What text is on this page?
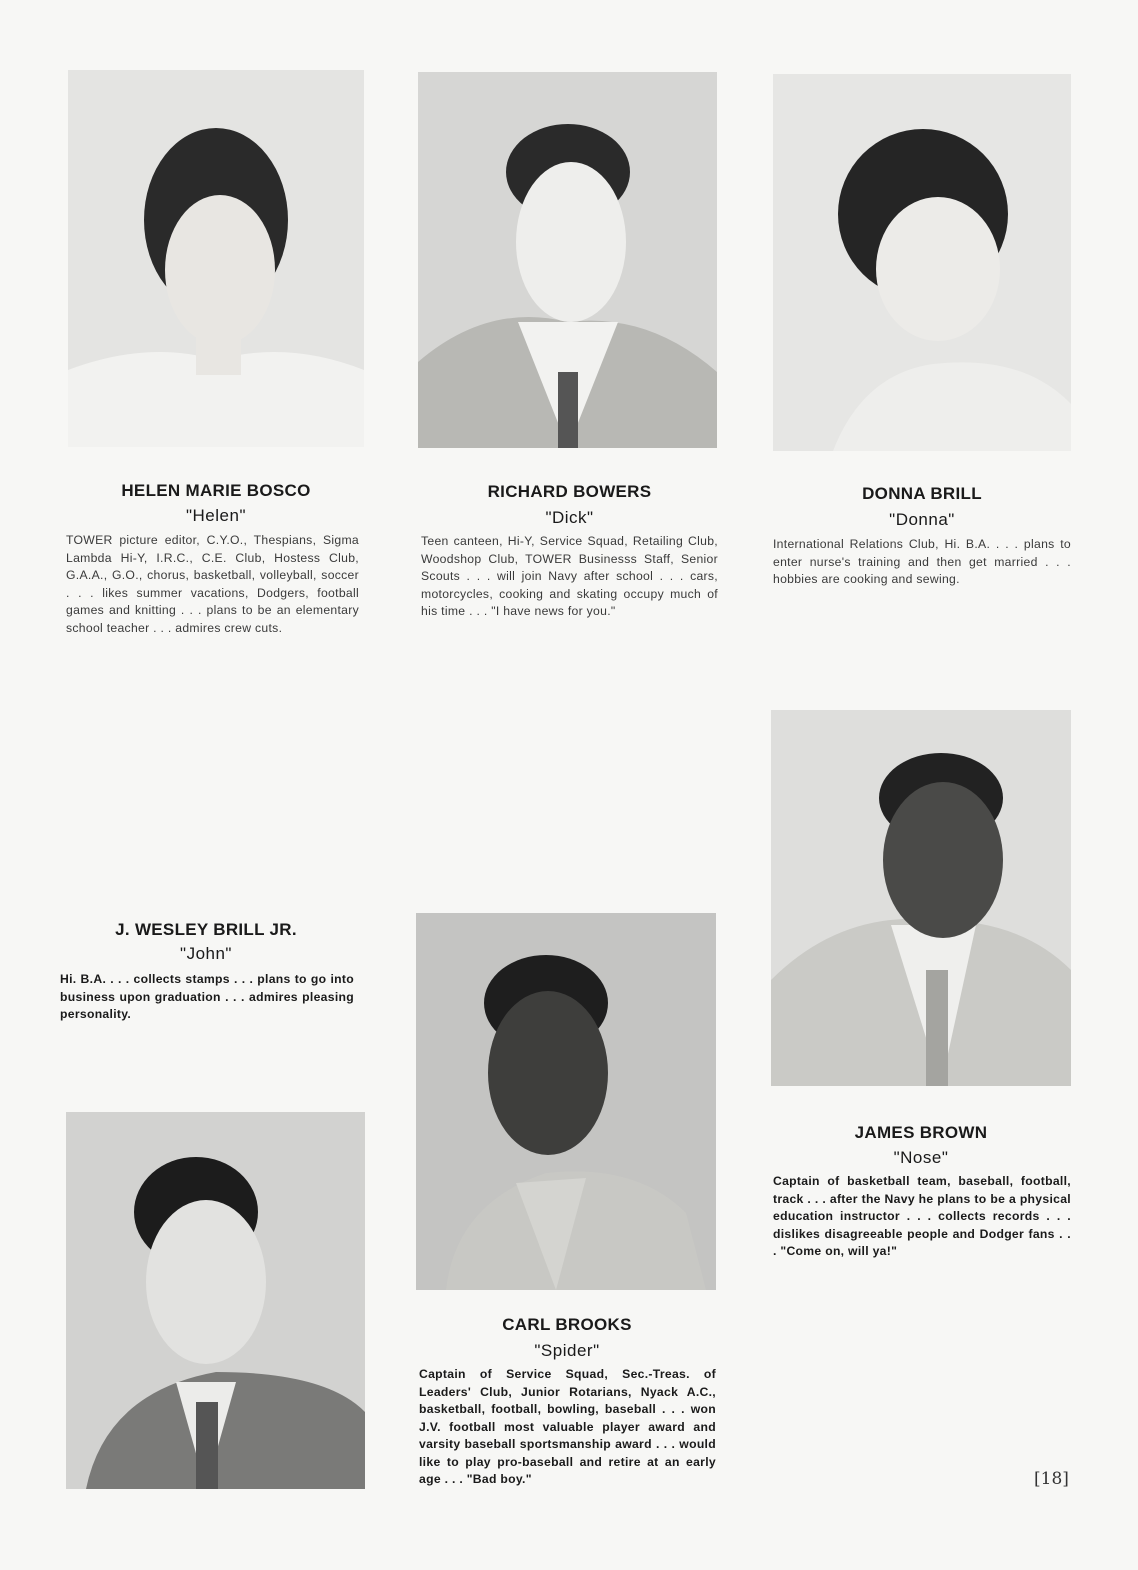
HELEN MARIE BOSCO
"Helen"
TOWER picture editor, C.Y.O., Thespians, Sigma Lambda Hi-Y, I.R.C., C.E. Club, Hostess Club, G.A.A., G.O., chorus, basketball, volleyball, soccer . . . likes summer vacations, Dodgers, football games and knitting . . . plans to be an elementary school teacher . . . admires crew cuts.
RICHARD BOWERS
"Dick"
Teen canteen, Hi-Y, Service Squad, Retailing Club, Woodshop Club, TOWER Businesss Staff, Senior Scouts . . . will join Navy after school . . . cars, motorcycles, cooking and skating occupy much of his time . . . "I have news for you."
DONNA BRILL
"Donna"
International Relations Club, Hi. B.A. . . . plans to enter nurse's training and then get married . . . hobbies are cooking and sewing.
J. WESLEY BRILL JR.
"John"
Hi. B.A. . . . collects stamps . . . plans to go into business upon graduation . . . admires pleasing personality.
JAMES BROWN
"Nose"
Captain of basketball team, baseball, football, track . . . after the Navy he plans to be a physical education instructor . . . collects records . . . dislikes disagreeable people and Dodger fans . . . "Come on, will ya!"
CARL BROOKS
"Spider"
Captain of Service Squad, Sec.-Treas. of Leaders' Club, Junior Rotarians, Nyack A.C., basketball, football, bowling, baseball . . . won J.V. football most valuable player award and varsity baseball sportsmanship award . . . would like to play pro-baseball and retire at an early age . . . "Bad boy."	[18]
